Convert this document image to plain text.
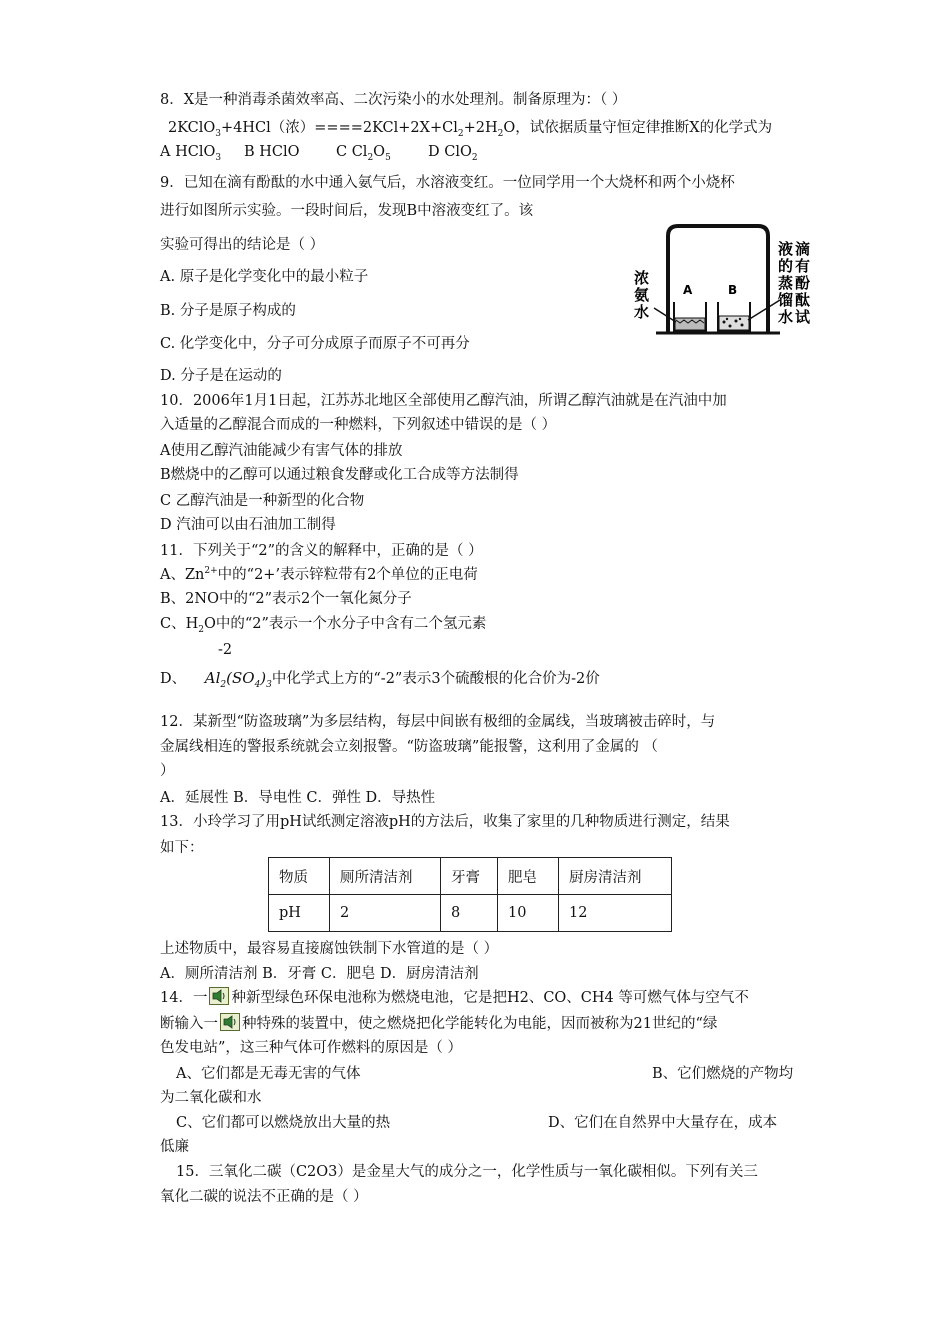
8．X是一种消毒杀菌效率高、二次污染小的水处理剂。制备原理为：（ ）
2KClO$_3$+4HCl（浓）$====2KCl+2X+Cl_2+2H_2O$，试依据质量守恒定律推断X的化学式为
A HClO$_3$ B HClO	C $Cl_2O_5$	D ClO$_2$
9．已知在滴有酚酞的水中通入氨气后，水溶液变红。一位同学用一个大烧杯和两个小烧杯
进行如图所示实验。一段时间后，发现B中溶液变红了。该
实验可得出的结论是（ ）
A. 原子是化学变化中的最小粒子
B. 分子是原子构成的
C. 化学变化中，分子可分成原子而原子不可再分
D. 分子是在运动的
A	B
浓
氨
水
液
的
蒸
馏
水
滴
有
酚
酞
试
10．2006年1月1日起，江苏苏北地区全部使用乙醇汽油，所谓乙醇汽油就是在汽油中加
入适量的乙醇混合而成的一种燃料，下列叙述中错误的是（ ）
A使用乙醇汽油能减少有害气体的排放
B燃烧中的乙醇可以通过粮食发酵或化工合成等方法制得
C 乙醇汽油是一种新型的化合物
D 汽油可以由石油加工制得
11．下列关于“2”的含义的解释中，正确的是（ ）
A、$Zn^{2+}$中的“2+’表示锌粒带有2个单位的正电荷
B、2NO中的“2”表示2个一氧化氮分子
C、$H_2O$中的“2”表示一个水分子中含有二个氢元素
-2
D、 $Al_2(SO_4)_3$中化学式上方的“-2”表示3个硫酸根的化合价为-2价
12．某新型“防盗玻璃”为多层结构，每层中间嵌有极细的金属线，当玻璃被击碎时，与
金属线相连的警报系统就会立刻报警。“防盗玻璃”能报警，这利用了金属的 （
）
A．延展性 B．导电性 C．弹性 D．导热性
13．小玲学习了用pH试纸测定溶液pH的方法后，收集了家里的几种物质进行测定，结果
如下：
物质	厕所清洁剂	牙膏	肥皂	厨房清洁剂
pH	2	8	10	12
上述物质中，最容易直接腐蚀铁制下水管道的是（ ）
A．厕所清洁剂 B．牙膏 C．肥皂 D．厨房清洁剂
14．一 种新型绿色环保电池称为燃烧电池，它是把H2、CO、CH4 等可燃气体与空气不
断输入一 种特殊的装置中，使之燃烧把化学能转化为电能，因而被称为21世纪的“绿
色发电站”，这三种气体可作燃料的原因是（ ）
A、它们都是无毒无害的气体	B、它们燃烧的产物均
为二氧化碳和水
C、它们都可以燃烧放出大量的热	D、它们在自然界中大量存在，成本
低廉
15．三氧化二碳（C2O3）是金星大气的成分之一，化学性质与一氧化碳相似。下列有关三
氧化二碳的说法不正确的是（ ）
